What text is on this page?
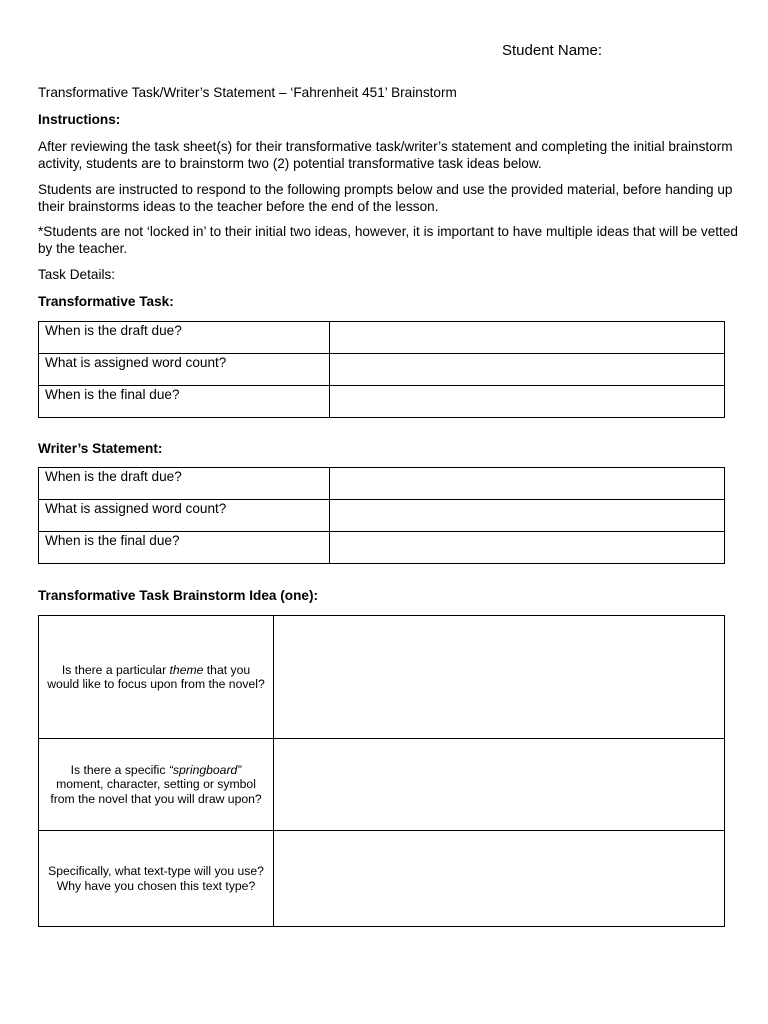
Student Name:
Transformative Task/Writer’s Statement – ‘Fahrenheit 451’ Brainstorm
Instructions:
After reviewing the task sheet(s) for their transformative task/writer’s statement and completing the initial brainstorm activity, students are to brainstorm two (2) potential transformative task ideas below.
Students are instructed to respond to the following prompts below and use the provided material, before handing up their brainstorms ideas to the teacher before the end of the lesson.
*Students are not ‘locked in’ to their initial two ideas, however, it is important to have multiple ideas that will be vetted by the teacher.
Task Details:
Transformative Task:
When is the draft due?	
What is assigned word count?	
When is the final due?	
Writer’s Statement:
When is the draft due?	
What is assigned word count?	
When is the final due?	
Transformative Task Brainstorm Idea (one):
Is there a particular theme that you would like to focus upon from the novel?	
Is there a specific “springboard” moment, character, setting or symbol from the novel that you will draw upon?	
Specifically, what text-type will you use? Why have you chosen this text type?	
